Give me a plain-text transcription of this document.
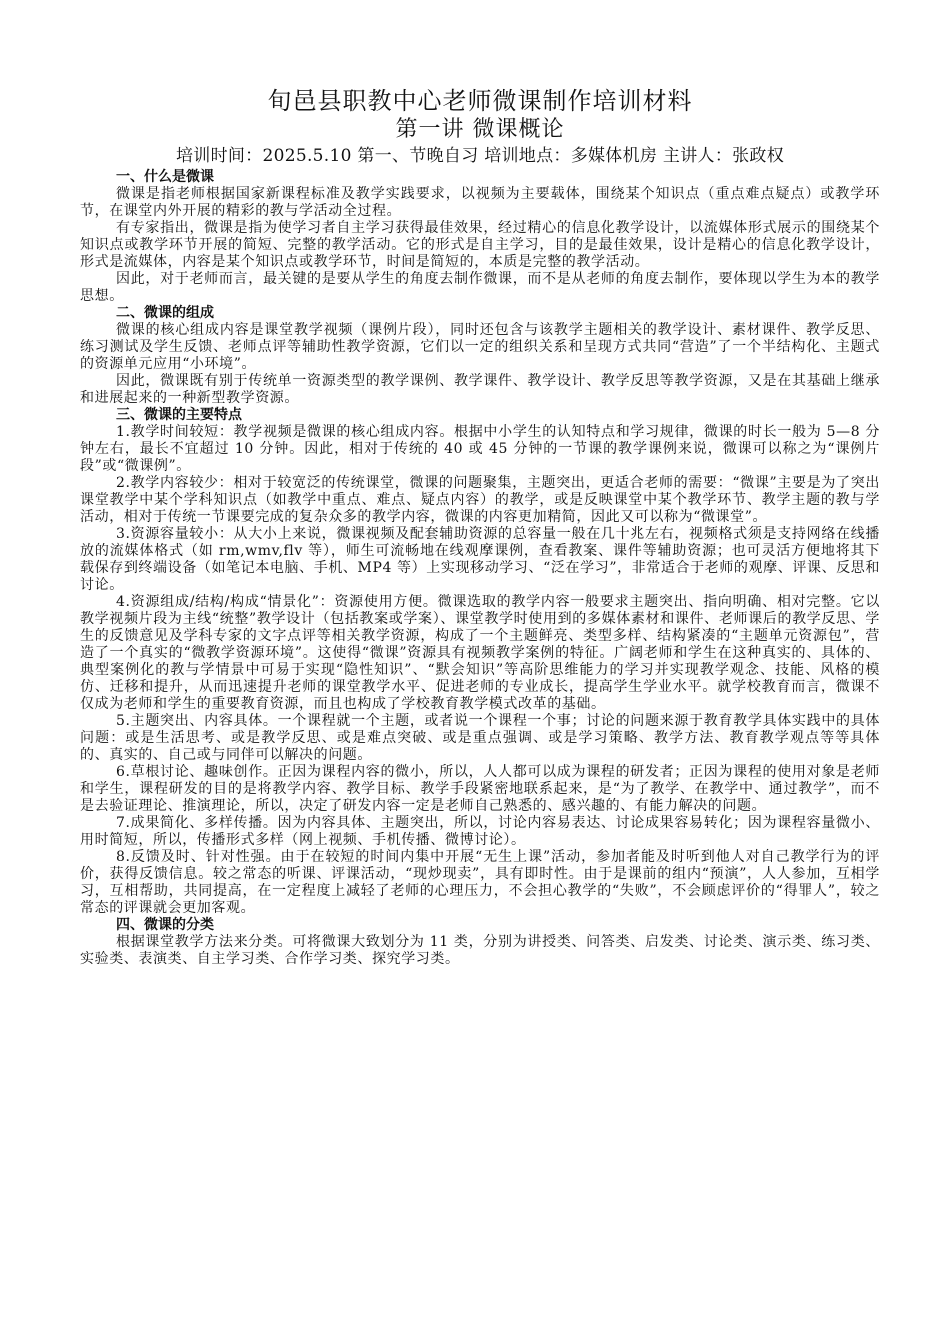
旬邑县职教中心老师微课制作培训材料
第一讲 微课概论

培训时间：2025.5.10 第一、节晚自习 培训地点：多媒体机房 主讲人：张政权

一、什么是微课

微课是指老师根据国家新课程标准及教学实践要求，以视频为主要载体，围绕某个知识点（重点难点疑点）或教学环节，在课堂内外开展的精彩的教与学活动全过程。

有专家指出，微课是指为使学习者自主学习获得最佳效果，经过精心的信息化教学设计，以流媒体形式展示的围绕某个知识点或教学环节开展的简短、完整的教学活动。它的形式是自主学习，目的是最佳效果，设计是精心的信息化教学设计，形式是流媒体，内容是某个知识点或教学环节，时间是简短的，本质是完整的教学活动。

因此，对于老师而言，最关键的是要从学生的角度去制作微课，而不是从老师的角度去制作，要体现以学生为本的教学思想。

二、微课的组成

微课的核心组成内容是课堂教学视频（课例片段），同时还包含与该教学主题相关的教学设计、素材课件、教学反思、练习测试及学生反馈、老师点评等辅助性教学资源，它们以一定的组织关系和呈现方式共同“营造”了一个半结构化、主题式的资源单元应用“小环境”。

因此，微课既有别于传统单一资源类型的教学课例、教学课件、教学设计、教学反思等教学资源，又是在其基础上继承和进展起来的一种新型教学资源。

三、微课的主要特点

1.教学时间较短：教学视频是微课的核心组成内容。根据中小学生的认知特点和学习规律，微课的时长一般为 5—8 分钟左右，最长不宜超过 10 分钟。因此，相对于传统的 40 或 45 分钟的一节课的教学课例来说，微课可以称之为“课例片段”或“微课例”。

2.教学内容较少：相对于较宽泛的传统课堂，微课的问题聚集，主题突出，更适合老师的需要：“微课”主要是为了突出课堂教学中某个学科知识点（如教学中重点、难点、疑点内容）的教学，或是反映课堂中某个教学环节、教学主题的教与学活动，相对于传统一节课要完成的复杂众多的教学内容，微课的内容更加精简，因此又可以称为“微课堂”。

3.资源容量较小：从大小上来说，微课视频及配套辅助资源的总容量一般在几十兆左右，视频格式须是支持网络在线播放的流媒体格式（如 rm,wmv,flv 等），师生可流畅地在线观摩课例，查看教案、课件等辅助资源；也可灵活方便地将其下载保存到终端设备（如笔记本电脑、手机、MP4 等）上实现移动学习、“泛在学习”，非常适合于老师的观摩、评课、反思和讨论。

4.资源组成/结构/构成“情景化”：资源使用方便。微课选取的教学内容一般要求主题突出、指向明确、相对完整。它以教学视频片段为主线“统整”教学设计（包括教案或学案）、课堂教学时使用到的多媒体素材和课件、老师课后的教学反思、学生的反馈意见及学科专家的文字点评等相关教学资源，构成了一个主题鲜亮、类型多样、结构紧凑的“主题单元资源包”，营造了一个真实的“微教学资源环境”。这使得“微课”资源具有视频教学案例的特征。广阔老师和学生在这种真实的、具体的、典型案例化的教与学情景中可易于实现“隐性知识”、“默会知识”等高阶思维能力的学习并实现教学观念、技能、风格的模仿、迁移和提升，从而迅速提升老师的课堂教学水平、促进老师的专业成长，提高学生学业水平。就学校教育而言，微课不仅成为老师和学生的重要教育资源，而且也构成了学校教育教学模式改革的基础。

5.主题突出、内容具体。一个课程就一个主题，或者说一个课程一个事；讨论的问题来源于教育教学具体实践中的具体问题：或是生活思考、或是教学反思、或是难点突破、或是重点强调、或是学习策略、教学方法、教育教学观点等等具体的、真实的、自己或与同伴可以解决的问题。

6.草根讨论、趣味创作。正因为课程内容的微小，所以，人人都可以成为课程的研发者；正因为课程的使用对象是老师和学生，课程研发的目的是将教学内容、教学目标、教学手段紧密地联系起来，是“为了教学、在教学中、通过教学”，而不是去验证理论、推演理论，所以，决定了研发内容一定是老师自己熟悉的、感兴趣的、有能力解决的问题。

7.成果简化、多样传播。因为内容具体、主题突出，所以，讨论内容易表达、讨论成果容易转化；因为课程容量微小、用时简短，所以，传播形式多样（网上视频、手机传播、微博讨论）。

8.反馈及时、针对性强。由于在较短的时间内集中开展“无生上课”活动，参加者能及时听到他人对自己教学行为的评价，获得反馈信息。较之常态的听课、评课活动，“现炒现卖”，具有即时性。由于是课前的组内“预演”，人人参加，互相学习，互相帮助，共同提高，在一定程度上减轻了老师的心理压力，不会担心教学的“失败”，不会顾虑评价的“得罪人”，较之常态的评课就会更加客观。

四、微课的分类

根据课堂教学方法来分类。可将微课大致划分为 11 类，分别为讲授类、问答类、启发类、讨论类、演示类、练习类、实验类、表演类、自主学习类、合作学习类、探究学习类。
